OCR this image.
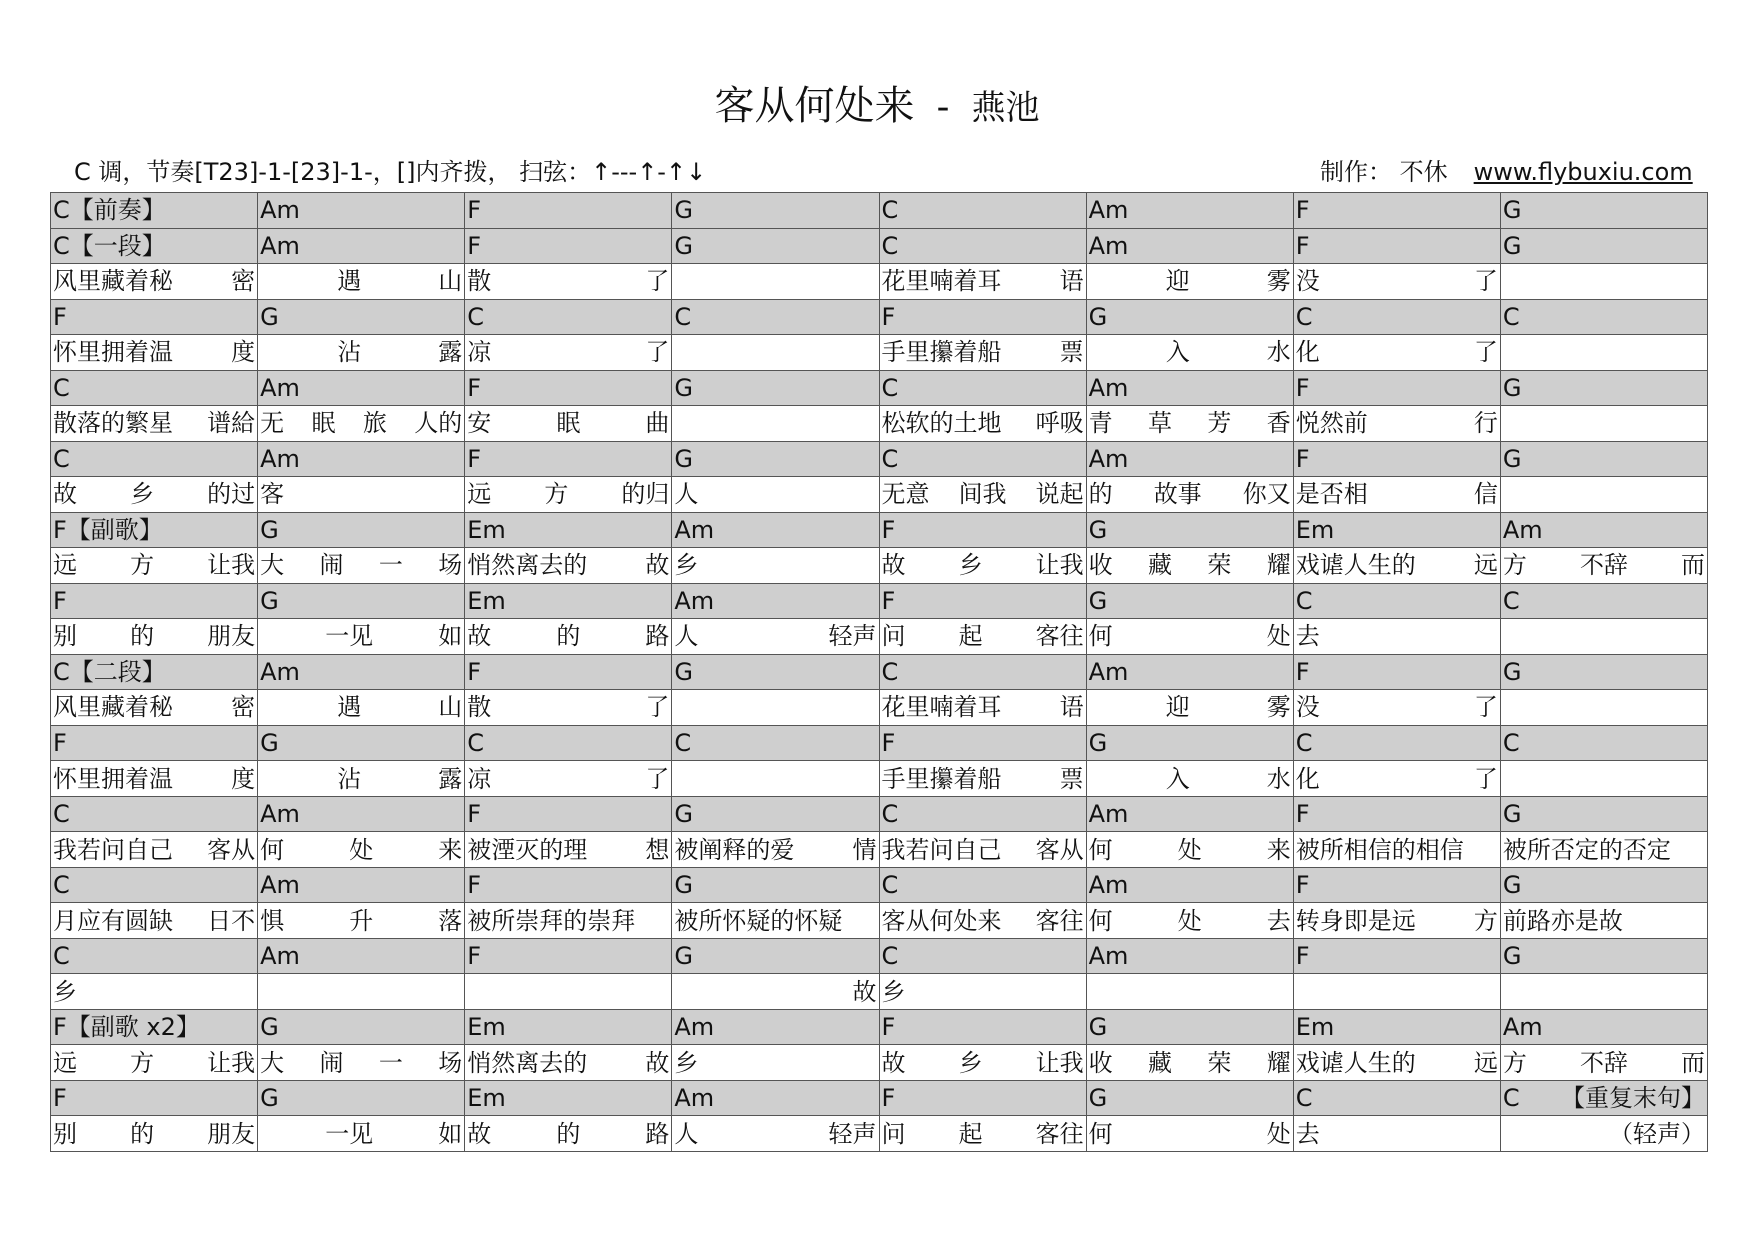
客从何处来 - 燕池
C 调，节奏[T23]-1-[23]-1-，[]内齐拨， 扫弦：↑---↑-↑↓	制作： 不休 www.flybuxiu.com
C【前奏】	Am	F	G	C	Am	F	G

C【一段】	Am	F	G	C	Am	F	G

风里藏着秘 密	遇 山	散 了		花里喃着耳 语	迎 雾	没 了	

F	G	C	C	F	G	C	C

怀里拥着温 度	沾 露	凉 了		手里攥着船 票	入 水	化 了	

C	Am	F	G	C	Am	F	G

散落的繁星 谱給	无 眠 旅 人的	安 眠 曲		松软的土地 呼吸	青 草 芳 香	悦然前 行	

C	Am	F	G	C	Am	F	G

故 乡 的过	客	远 方 的归	人	无意 间我 说起	的 故事 你又	是否相 信	

F【副歌】	G	Em	Am	F	G	Em	Am

远 方 让我	大 闹 一 场	悄然离去的 故	乡	故 乡 让我	收 藏 荣 耀	戏谑人生的 远	方 不辞 而

F	G	Em	Am	F	G	C	C

别 的 朋友	一见 如	故 的 路	人 轻声	问 起 客往	何 处	去	

C【二段】	Am	F	G	C	Am	F	G

风里藏着秘 密	遇 山	散 了		花里喃着耳 语	迎 雾	没 了	

F	G	C	C	F	G	C	C

怀里拥着温 度	沾 露	凉 了		手里攥着船 票	入 水	化 了	

C	Am	F	G	C	Am	F	G

我若问自己 客从	何 处 来	被湮灭的理 想	被阐释的爱 情	我若问自己 客从	何 处 来	被所相信的相信	被所否定的否定

C	Am	F	G	C	Am	F	G

月应有圆缺 日不	惧 升 落	被所崇拜的崇拜	被所怀疑的怀疑	客从何处来 客往	何 处 去	转身即是远 方	前路亦是故

C	Am	F	G	C	Am	F	G

乡			故	乡			

F【副歌 x2】	G	Em	Am	F	G	Em	Am

远 方 让我	大 闹 一 场	悄然离去的 故	乡	故 乡 让我	收 藏 荣 耀	戏谑人生的 远	方 不辞 而

F	G	Em	Am	F	G	C	C 【重复末句】

别 的 朋友	一见 如	故 的 路	人 轻声	问 起 客往	何 处	去	（轻声）
